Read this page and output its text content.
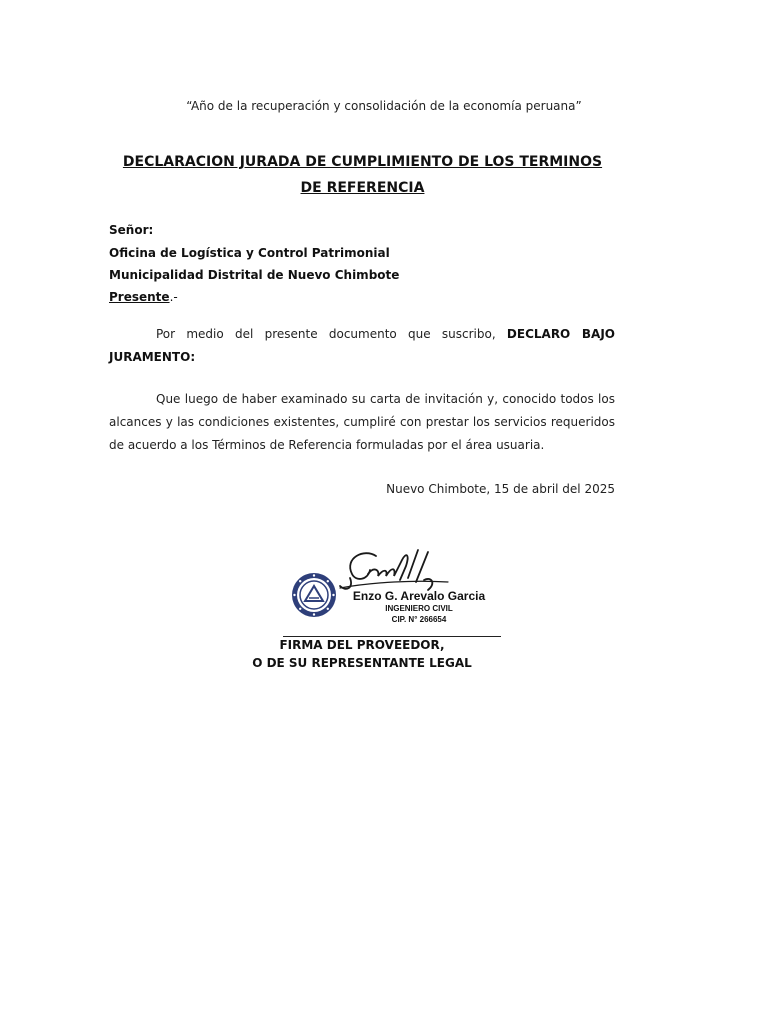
“Año de la recuperación y consolidación de la economía peruana”
DECLARACION JURADA DE CUMPLIMIENTO DE LOS TERMINOS
DE REFERENCIA
Señor:
Oficina de Logística y Control Patrimonial
Municipalidad Distrital de Nuevo Chimbote
Presente.-
Por medio del presente documento que suscribo, DECLARO BAJO JURAMENTO:
Que luego de haber examinado su carta de invitación y, conocido todos los alcances y las condiciones existentes, cumpliré con prestar los servicios requeridos de acuerdo a los Términos de Referencia formuladas por el área usuaria.
Nuevo Chimbote, 15 de abril del 2025
Enzo G. Arevalo Garcia
INGENIERO CIVIL
CIP. N° 266654
FIRMA DEL PROVEEDOR,
O DE SU REPRESENTANTE LEGAL
